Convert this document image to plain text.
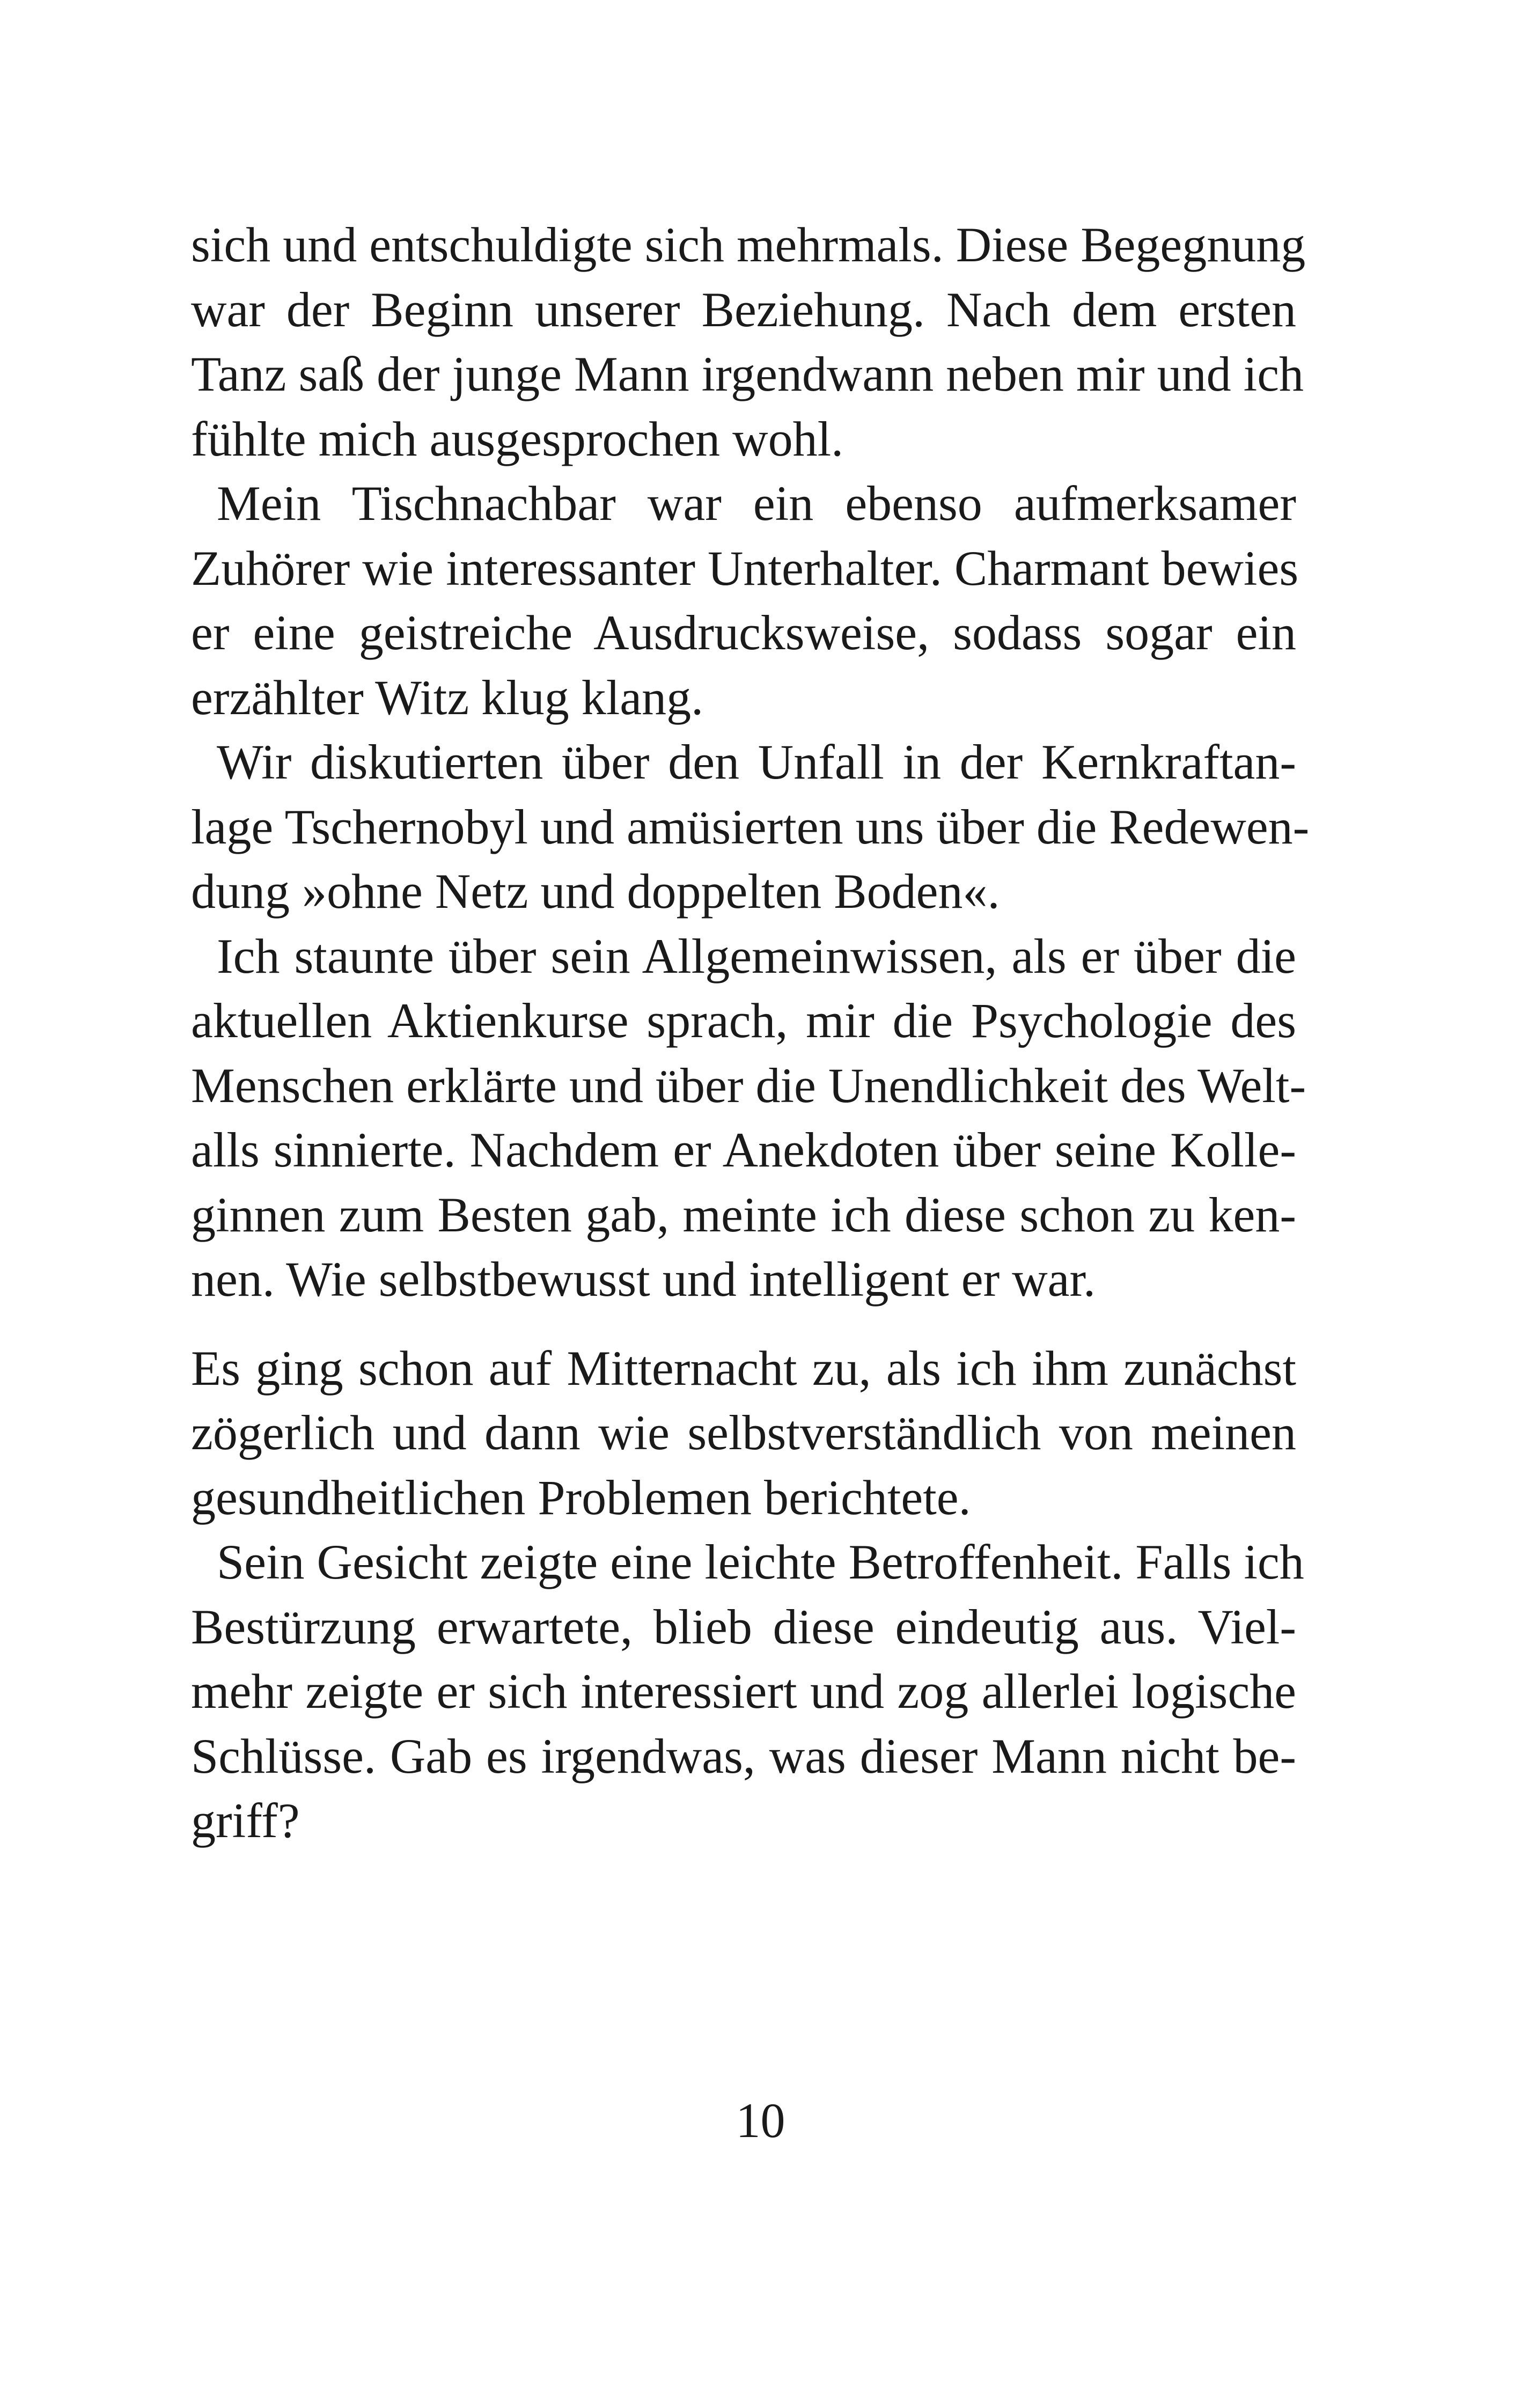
sich und entschuldigte sich mehrmals. Diese Begegnung
war der Beginn unserer Beziehung. Nach dem ersten
Tanz saß der junge Mann irgendwann neben mir und ich
fühlte mich ausgesprochen wohl.
Mein Tischnachbar war ein ebenso aufmerksamer
Zuhörer wie interessanter Unterhalter. Charmant bewies
er eine geistreiche Ausdrucksweise, sodass sogar ein
erzählter Witz klug klang.
Wir diskutierten über den Unfall in der Kernkraftan-
lage Tschernobyl und amüsierten uns über die Redewen-
dung »ohne Netz und doppelten Boden«.
Ich staunte über sein Allgemeinwissen, als er über die
aktuellen Aktienkurse sprach, mir die Psychologie des
Menschen erklärte und über die Unendlichkeit des Welt-
alls sinnierte. Nachdem er Anekdoten über seine Kolle-
ginnen zum Besten gab, meinte ich diese schon zu ken-
nen. Wie selbstbewusst und intelligent er war.
Es ging schon auf Mitternacht zu, als ich ihm zunächst
zögerlich und dann wie selbstverständlich von meinen
gesundheitlichen Problemen berichtete.
Sein Gesicht zeigte eine leichte Betroffenheit. Falls ich
Bestürzung erwartete, blieb diese eindeutig aus. Viel-
mehr zeigte er sich interessiert und zog allerlei logische
Schlüsse. Gab es irgendwas, was dieser Mann nicht be-
griff?
10
